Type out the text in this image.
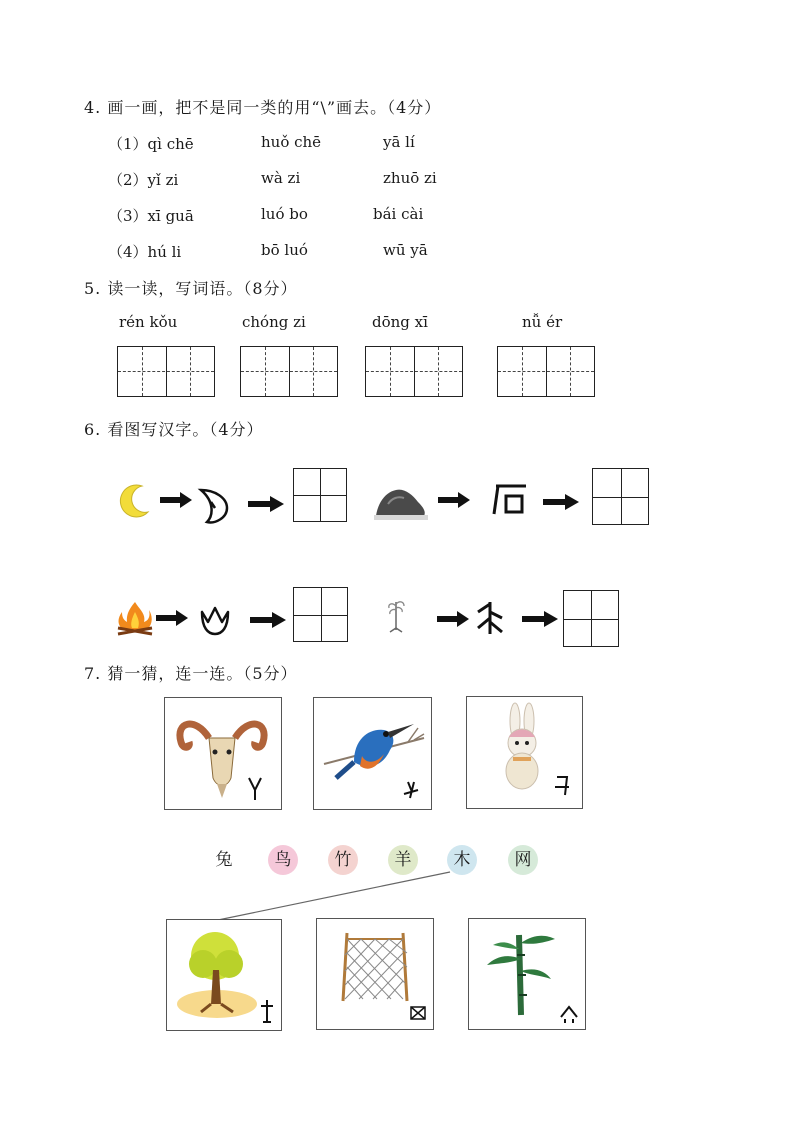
4. 画一画，把不是同一类的用“\”画去。（4分）
（1）qì chē	huǒ chē	yā lí
（2）yǐ zi	wà zi	zhuō zi
（3）xī guā	luó bo	bái cài
（4）hú li	bō luó	wū yā
5. 读一读，写词语。（8分）
rén kǒu	chóng zi	dōng xī	nǚ ér
6. 看图写汉字。（4分）
7. 猜一猜，连一连。（5分）
兔	鸟	竹	羊	木	网
